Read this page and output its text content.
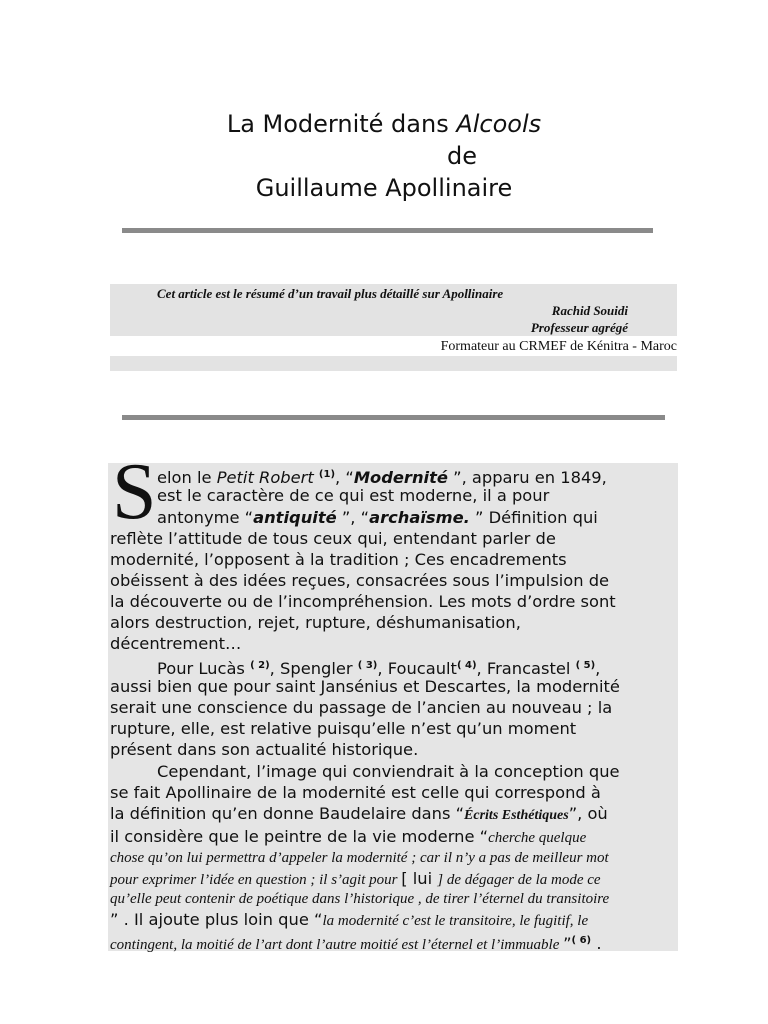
La Modernité dans Alcools
de
Guillaume Apollinaire
Cet article est le résumé d’un travail plus détaillé sur Apollinaire
Rachid Souidi
Professeur agrégé
Formateur au CRMEF de Kénitra - Maroc
S elon le Petit Robert $^{(1)}$, “Modernité ”, apparu en 1849,
est le caractère de ce qui est moderne, il a pour
antonyme “antiquité ”, “archaïsme. ” Définition qui
reflète l’attitude de tous ceux qui, entendant parler de
modernité, l’opposent à la tradition ; Ces encadrements
obéissent à des idées reçues, consacrées sous l’impulsion de
la découverte ou de l’incompréhension. Les mots d’ordre sont
alors destruction, rejet, rupture, déshumanisation,
décentrement…
Pour Lucàs $^{( 2)}$, Spengler $^{( 3)}$, Foucault$^{( 4)}$, Francastel $^{( 5)}$,
aussi bien que pour saint Jansénius et Descartes, la modernité
serait une conscience du passage de l’ancien au nouveau ; la
rupture, elle, est relative puisqu’elle n’est qu’un moment
présent dans son actualité historique.
Cependant, l’image qui conviendrait à la conception que
se fait Apollinaire de la modernité est celle qui correspond à
la définition qu’en donne Baudelaire dans “Écrits Esthétiques”, où
il considère que le peintre de la vie moderne “cherche quelque
chose qu’on lui permettra d’appeler la modernité ; car il n’y a pas de meilleur mot
pour exprimer l’idée en question ; il s’agit pour [ lui ] de dégager de la mode ce
qu’elle peut contenir de poétique dans l’historique , de tirer l’éternel du transitoire
” . Il ajoute plus loin que “la modernité c’est le transitoire, le fugitif, le
contingent, la moitié de l’art dont l’autre moitié est l’éternel et l’immuable ”$^{( 6)}$ .
